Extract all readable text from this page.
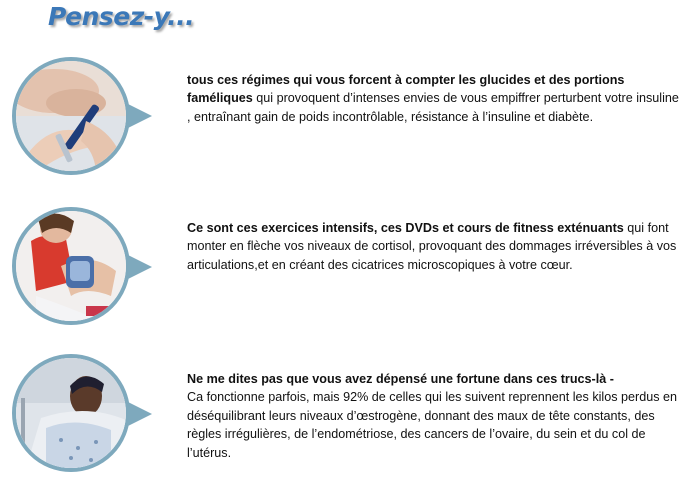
Pensez-y...
tous ces régimes qui vous forcent à compter les glucides et des portions faméliques qui provoquent d’intenses envies de vous empiffrer perturbent votre insuline , entraînant gain de poids incontrôlable, résistance à l’insuline et diabète.
Ce sont ces exercices intensifs, ces DVDs et cours de fitness exténuants qui font monter en flèche vos niveaux de cortisol, provoquant des dommages irréversibles à vos articulations,et en créant des cicatrices microscopiques à votre cœur.
Ne me dites pas que vous avez dépensé une fortune dans ces trucs-là -
Ca fonctionne parfois, mais 92% de celles qui les suivent reprennent les kilos perdus en déséquilibrant leurs niveaux d’œstrogène, donnant des maux de tête constants, des règles irrégulières, de l’endométriose, des cancers de l’ovaire, du sein et du col de l’utérus.
